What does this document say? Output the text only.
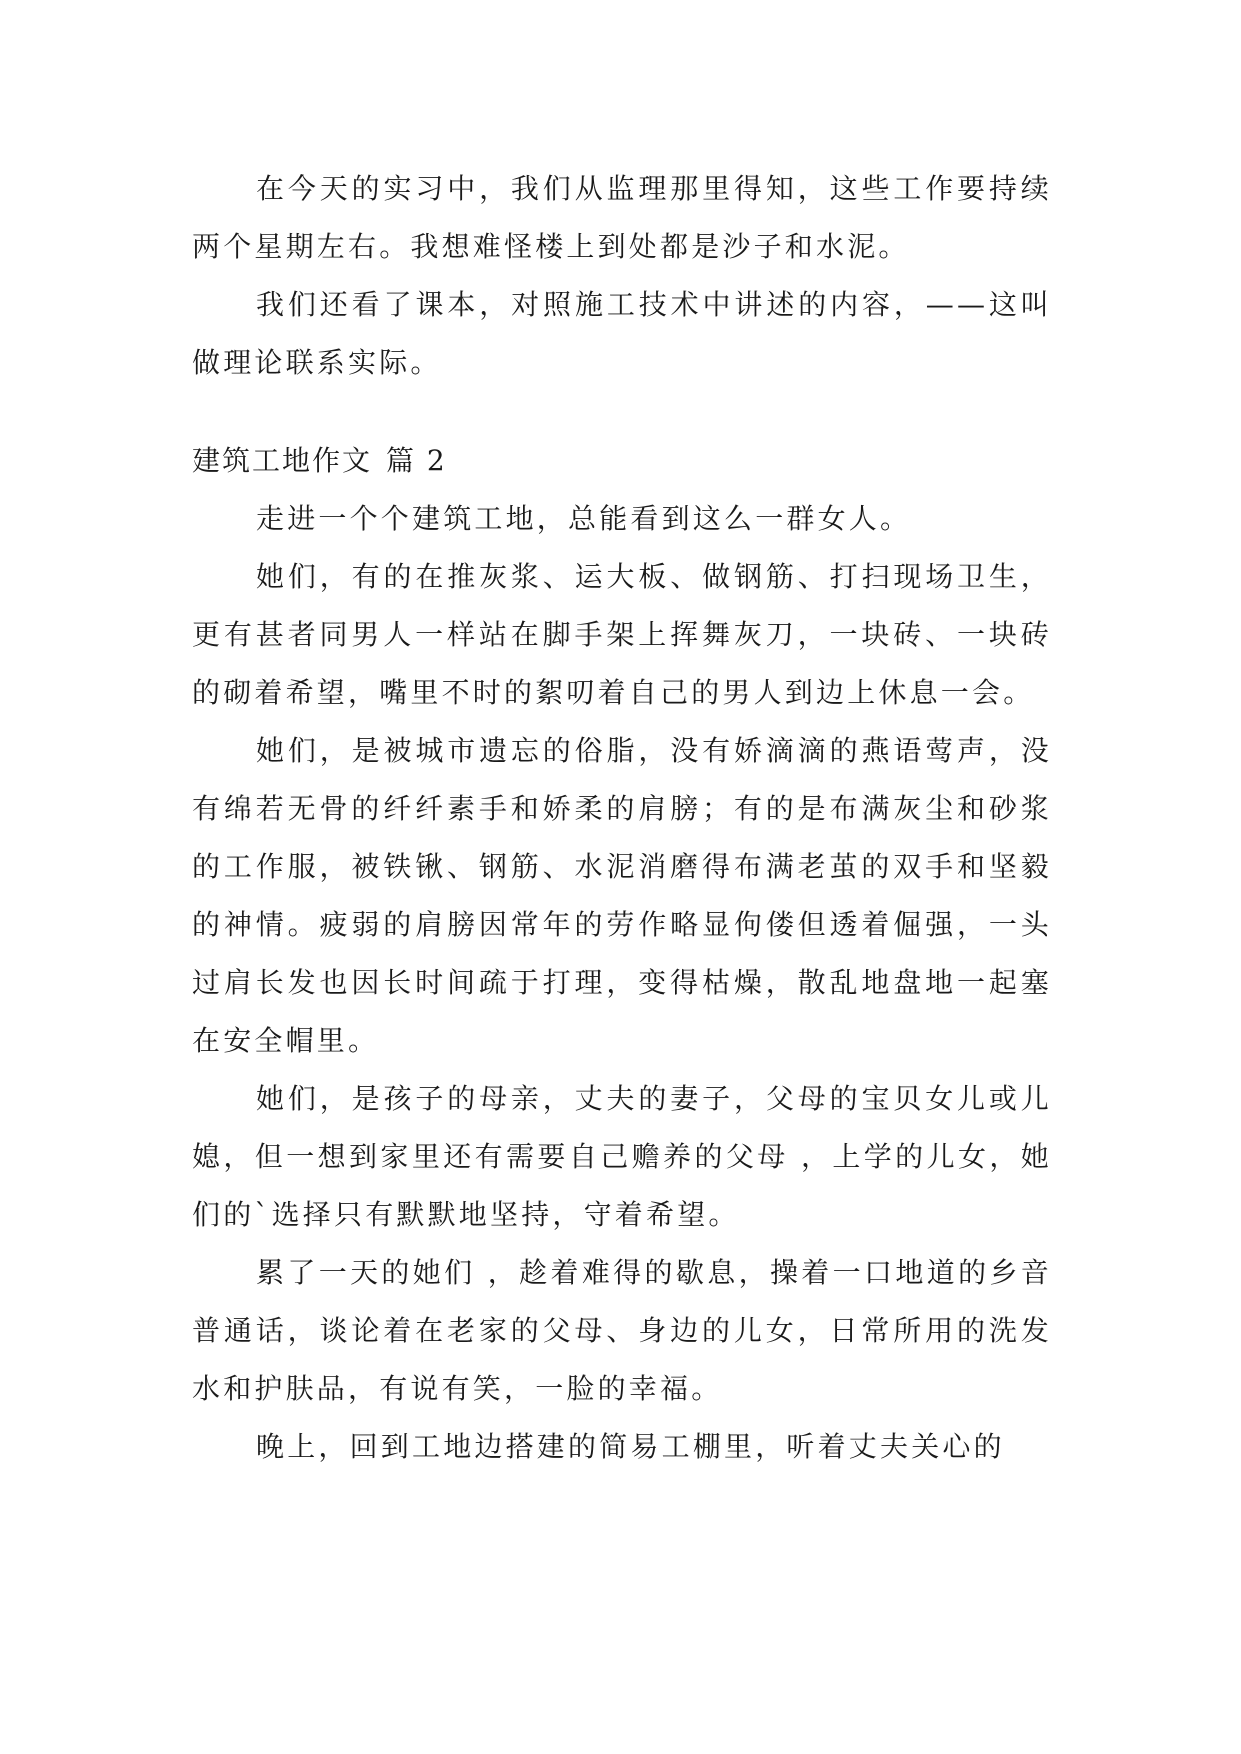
在今天的实习中，我们从监理那里得知，这些工作要持续两个星期左右。我想难怪楼上到处都是沙子和水泥。

我们还看了课本，对照施工技术中讲述的内容，——这叫做理论联系实际。

建筑工地作文 篇 2

走进一个个建筑工地，总能看到这么一群女人。

她们，有的在推灰浆、运大板、做钢筋、打扫现场卫生，更有甚者同男人一样站在脚手架上挥舞灰刀，一块砖、一块砖的砌着希望，嘴里不时的絮叨着自己的男人到边上休息一会。

她们，是被城市遗忘的俗脂，没有娇滴滴的燕语莺声，没有绵若无骨的纤纤素手和娇柔的肩膀；有的是布满灰尘和砂浆的工作服，被铁锹、钢筋、水泥消磨得布满老茧的双手和坚毅的神情。疲弱的肩膀因常年的劳作略显佝偻但透着倔强，一头过肩长发也因长时间疏于打理，变得枯燥，散乱地盘地一起塞在安全帽里。

她们，是孩子的母亲，丈夫的妻子，父母的宝贝女儿或儿媳，但一想到家里还有需要自己赡养的父母 ，上学的儿女，她们的`选择只有默默地坚持，守着希望。

累了一天的她们 ，趁着难得的歇息，操着一口地道的乡音普通话，谈论着在老家的父母、身边的儿女，日常所用的洗发水和护肤品，有说有笑，一脸的幸福。

晚上，回到工地边搭建的简易工棚里，听着丈夫关心的
